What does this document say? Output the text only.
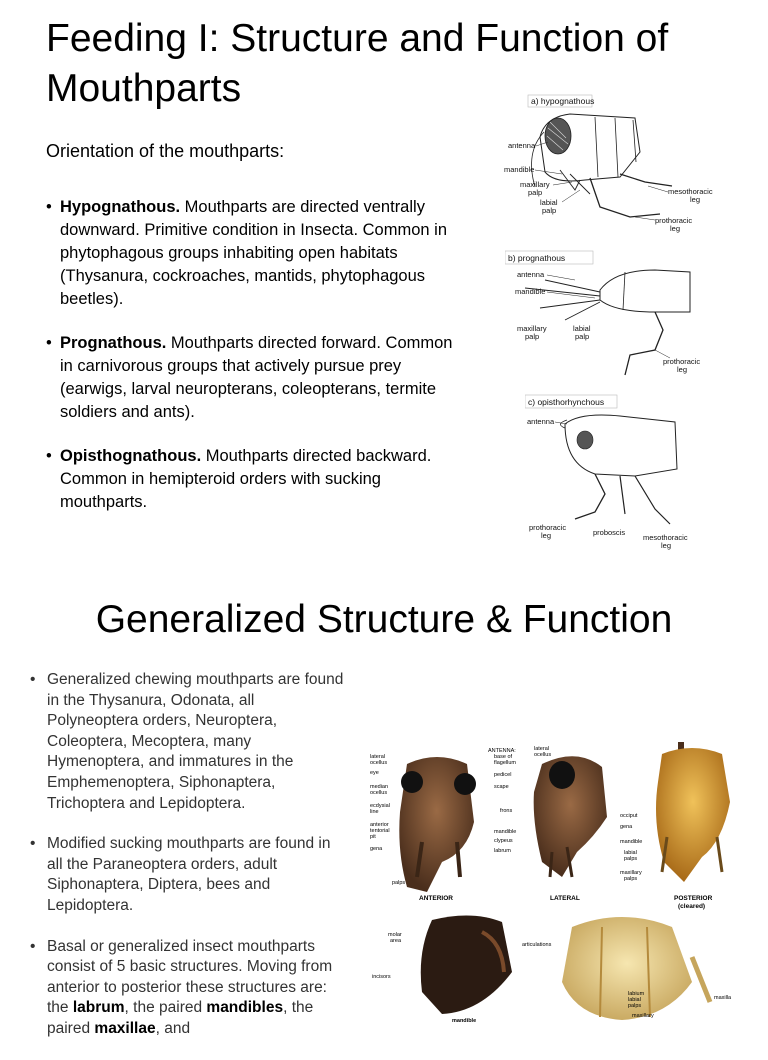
Feeding I: Structure and Function of Mouthparts
Orientation of the mouthparts:
• Hypognathous. Mouthparts are directed ventrally downward. Primitive condition in Insecta. Common in phytophagous groups inhabiting open habitats (Thysanura, cockroaches, mantids, phytophagous beetles).
• Prognathous. Mouthparts directed forward. Common in carnivorous groups that actively pursue prey (earwigs, larval neuropterans, coleopterans, termite soldiers and ants).
• Opisthognathous. Mouthparts directed backward. Common in hemipteroid orders with sucking mouthparts.
a) hypognathous
antenna
mandible
maxillary
palp
labial
palp
mesothoracic
leg
prothoracic
leg
b) prognathous
antenna
mandible
maxillary
palp
labial
palp
prothoracic
leg
c) opisthorhynchous
antenna
prothoracic
leg	proboscis
mesothoracic
leg
Generalized Structure & Function
• Generalized chewing mouthparts are found in the Thysanura, Odonata, all Polyneoptera orders, Neuroptera, Coleoptera, Mecoptera, many Hymenoptera, and immatures in the Emphemenoptera, Siphonaptera, Trichoptera and Lepidoptera.
• Modified sucking mouthparts are found in all the Paraneoptera orders, adult Siphonaptera, Diptera, bees and Lepidoptera.
• Basal or generalized insect mouthparts consist of 5 basic structures. Moving from anterior to posterior these structures are: the labrum, the paired mandibles, the paired maxillae, and
ANTERIOR	LATERAL	POSTERIOR
(cleared)
lateral
ocellus
eye
median
ocellus
ecdysial
line
anterior
tentorial
pit
gena
palps
ANTENNA:
base of
flagellum
pedicel
scape
lateral
ocellus
frons
mandible
clypeus
labrum
occiput
gena
mandible
labial
palps
maxillary
palps
molar
area
incisors
articulations
maxilla
labium
labial
palps
maxillary
mandible
